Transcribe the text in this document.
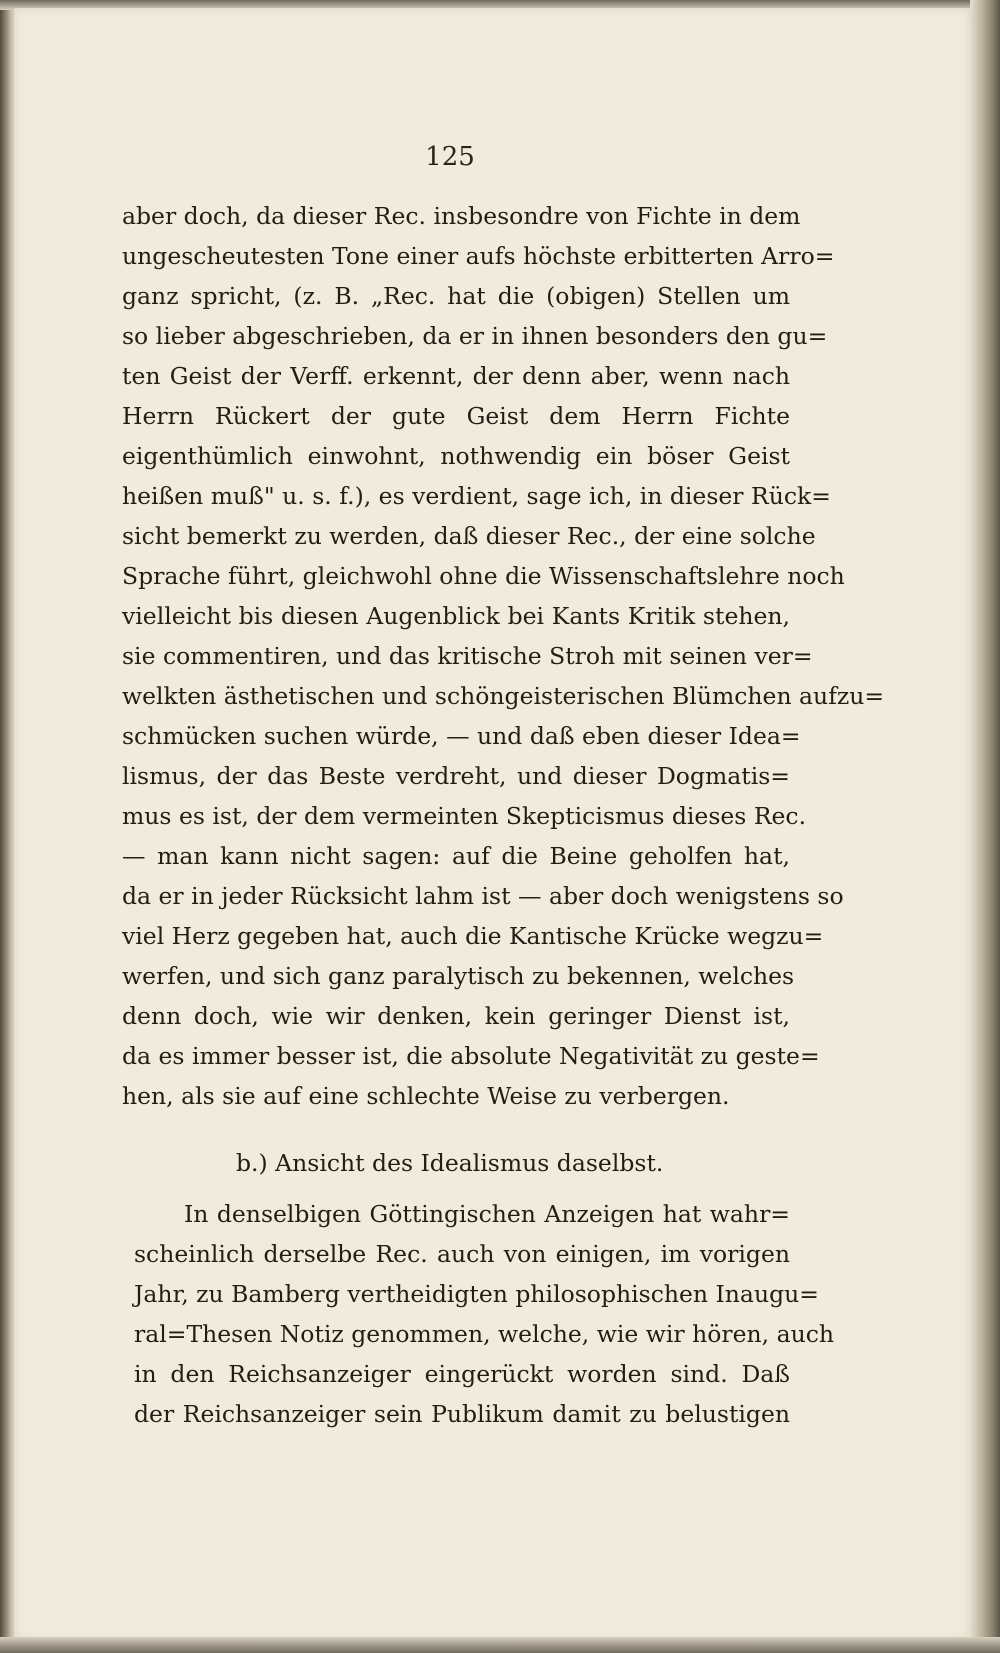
125
aber doch, da dieser Rec. insbesondre von Fichte in dem
ungescheutesten Tone einer aufs höchste erbitterten Arro=
ganz spricht, (z. B. „Rec. hat die (obigen) Stellen um
so lieber abgeschrieben, da er in ihnen besonders den gu=
ten Geist der Verff. erkennt, der denn aber, wenn nach
Herrn Rückert der gute Geist dem Herrn Fichte
eigenthümlich einwohnt, nothwendig ein böser Geist
heißen muß" u. s. f.), es verdient, sage ich, in dieser Rück=
sicht bemerkt zu werden, daß dieser Rec., der eine solche
Sprache führt, gleichwohl ohne die Wissenschaftslehre noch
vielleicht bis diesen Augenblick bei Kants Kritik stehen,
sie commentiren, und das kritische Stroh mit seinen ver=
welkten ästhetischen und schöngeisterischen Blümchen aufzu=
schmücken suchen würde, — und daß eben dieser Idea=
lismus, der das Beste verdreht, und dieser Dogmatis=
mus es ist, der dem vermeinten Skepticismus dieses Rec.
— man kann nicht sagen: auf die Beine geholfen hat,
da er in jeder Rücksicht lahm ist — aber doch wenigstens so
viel Herz gegeben hat, auch die Kantische Krücke wegzu=
werfen, und sich ganz paralytisch zu bekennen, welches
denn doch, wie wir denken, kein geringer Dienst ist,
da es immer besser ist, die absolute Negativität zu geste=
hen, als sie auf eine schlechte Weise zu verbergen.
b.) Ansicht des Idealismus daselbst.
In denselbigen Göttingischen Anzeigen hat wahr=
scheinlich derselbe Rec. auch von einigen, im vorigen
Jahr, zu Bamberg vertheidigten philosophischen Inaugu=
ral=Thesen Notiz genommen, welche, wie wir hören, auch
in den Reichsanzeiger eingerückt worden sind. Daß
der Reichsanzeiger sein Publikum damit zu belustigen
